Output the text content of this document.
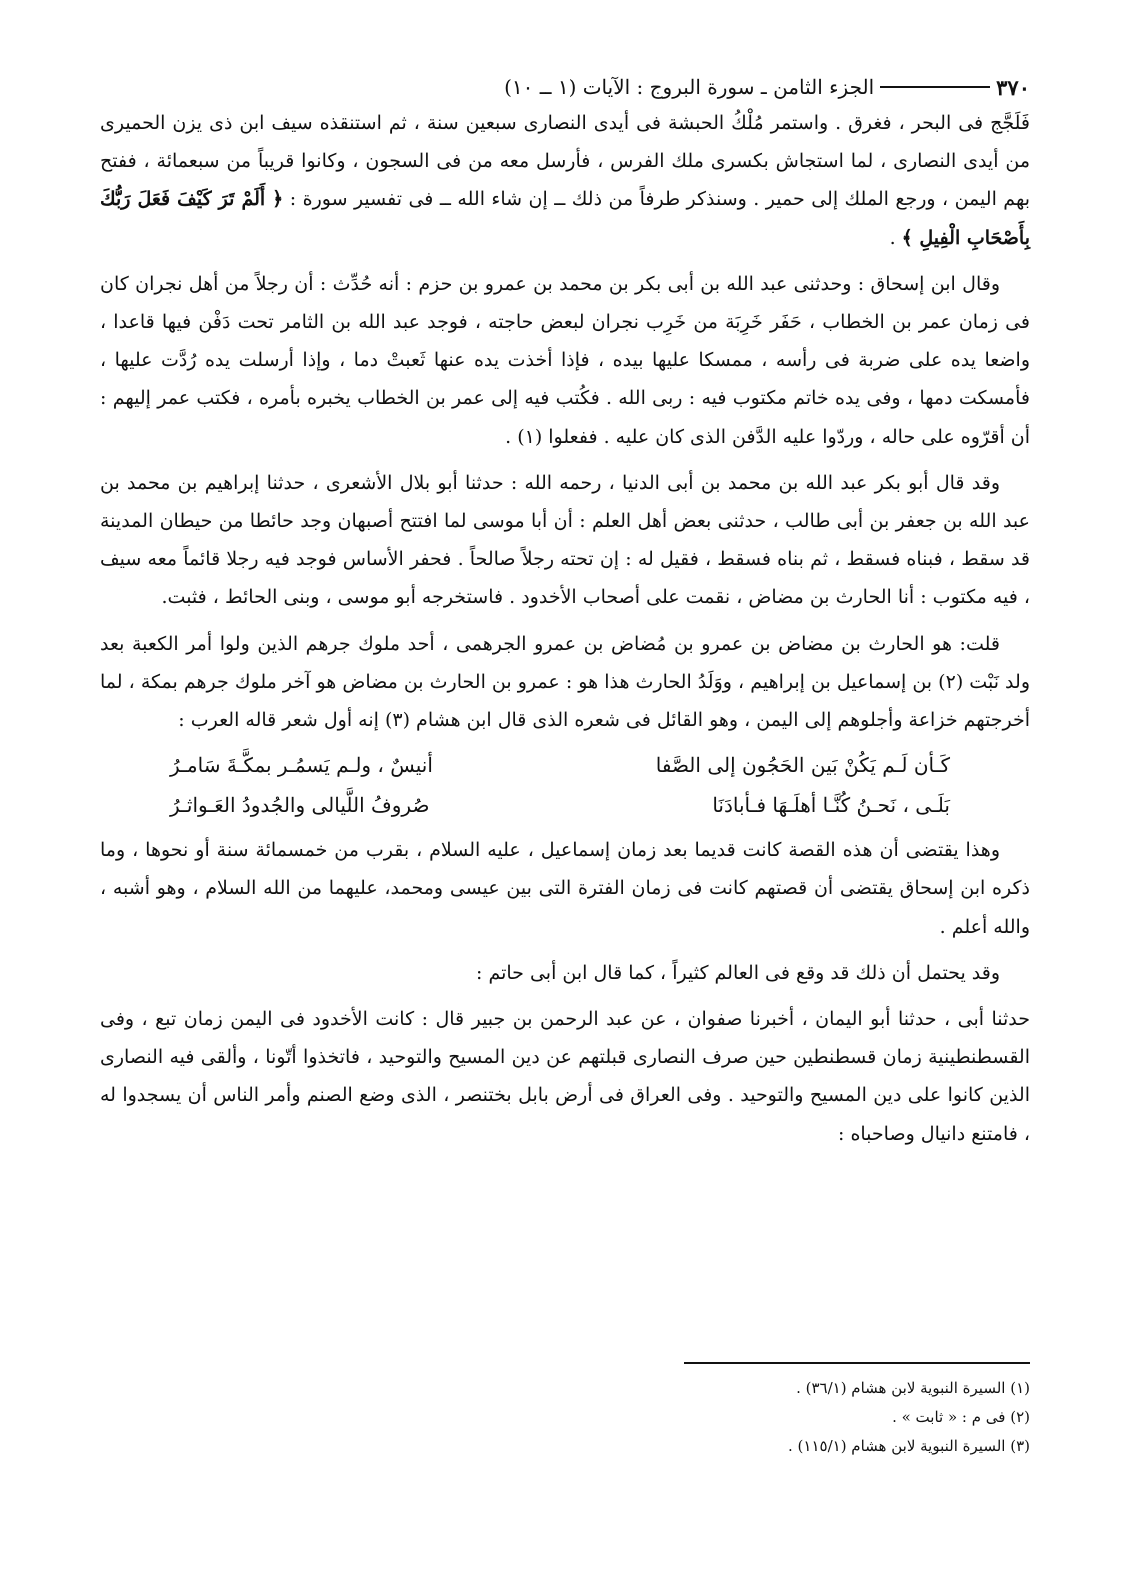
٣٧٠
الجزء الثامن ـ سورة البروج : الآيات (١ ــ ١٠)

فَلَجَّج فى البحر ، فغرق . واستمر مُلْكُ الحبشة فى أيدى النصارى سبعين سنة ، ثم استنقذه سيف ابن ذى يزن الحميرى من أيدى النصارى ، لما استجاش بكسرى ملك الفرس ، فأرسل معه من فى السجون ، وكانوا قريباً من سبعمائة ، ففتح بهم اليمن ، ورجع الملك إلى حمير . وسنذكر طرفاً من ذلك ــ إن شاء الله ــ فى تفسير سورة : ﴿ أَلَمْ تَرَ كَيْفَ فَعَلَ رَبُّكَ بِأَصْحَابِ الْفِيلِ ﴾ .

وقال ابن إسحاق : وحدثنى عبد الله بن أبى بكر بن محمد بن عمرو بن حزم : أنه حُدِّث : أن رجلاً من أهل نجران كان فى زمان عمر بن الخطاب ، حَفَر خَرِبَة من خَرِب نجران لبعض حاجته ، فوجد عبد الله بن الثامر تحت دَفْن فيها قاعدا ، واضعا يده على ضربة فى رأسه ، ممسكا عليها بيده ، فإذا أخذت يده عنها ثَعبتْ دما ، وإذا أرسلت يده رُدَّت عليها ، فأمسكت دمها ، وفى يده خاتم مكتوب فيه : ربى الله . فكُتب فيه إلى عمر بن الخطاب يخبره بأمره ، فكتب عمر إليهم : أن أقرّوه على حاله ، وردّوا عليه الدَّفن الذى كان عليه . ففعلوا (١) .

وقد قال أبو بكر عبد الله بن محمد بن أبى الدنيا ، رحمه الله : حدثنا أبو بلال الأشعرى ، حدثنا إبراهيم بن محمد بن عبد الله بن جعفر بن أبى طالب ، حدثنى بعض أهل العلم : أن أبا موسى لما افتتح أصبهان وجد حائطا من حيطان المدينة قد سقط ، فبناه فسقط ، ثم بناه فسقط ، فقيل له : إن تحته رجلاً صالحاً . فحفر الأساس فوجد فيه رجلا قائماً معه سيف ، فيه مكتوب : أنا الحارث بن مضاض ، نقمت على أصحاب الأخدود . فاستخرجه أبو موسى ، وبنى الحائط ، فثبت.

قلت: هو الحارث بن مضاض بن عمرو بن مُضاض بن عمرو الجرهمى ، أحد ملوك جرهم الذين ولوا أمر الكعبة بعد ولد نَبْت (٢) بن إسماعيل بن إبراهيم ، ووَلَدُ الحارث هذا هو : عمرو بن الحارث بن مضاض هو آخر ملوك جرهم بمكة ، لما أخرجتهم خزاعة وأجلوهم إلى اليمن ، وهو القائل فى شعره الذى قال ابن هشام (٣) إنه أول شعر قاله العرب :

كَـأن لَـم يَكُنْ بَين الحَجُون إلى الصَّفا
أنيسٌ ، ولـم يَسمُـر بمكَّـةَ سَامـرُ
بَلَـى ، نَحـنُ كُنَّـا أهلَـهَا فـأبادَنَا
صُروفُ اللَّيالى والجُدودُ العَـواثـرُ

وهذا يقتضى أن هذه القصة كانت قديما بعد زمان إسماعيل ، عليه السلام ، بقرب من خمسمائة سنة أو نحوها ، وما ذكره ابن إسحاق يقتضى أن قصتهم كانت فى زمان الفترة التى بين عيسى ومحمد، عليهما من الله السلام ، وهو أشبه ، والله أعلم .

وقد يحتمل أن ذلك قد وقع فى العالم كثيراً ، كما قال ابن أبى حاتم :

حدثنا أبى ، حدثنا أبو اليمان ، أخبرنا صفوان ، عن عبد الرحمن بن جبير قال : كانت الأخدود فى اليمن زمان تبع ، وفى القسطنطينية زمان قسطنطين حين صرف النصارى قبلتهم عن دين المسيح والتوحيد ، فاتخذوا أتّونا ، وألقى فيه النصارى الذين كانوا على دين المسيح والتوحيد . وفى العراق فى أرض بابل بختنصر ، الذى وضع الصنم وأمر الناس أن يسجدوا له ، فامتنع دانيال وصاحباه :

(١) السيرة النبوية لابن هشام (٣٦/١) .
(٢) فى م : « ثابت » .
(٣) السيرة النبوية لابن هشام (١١٥/١) .
